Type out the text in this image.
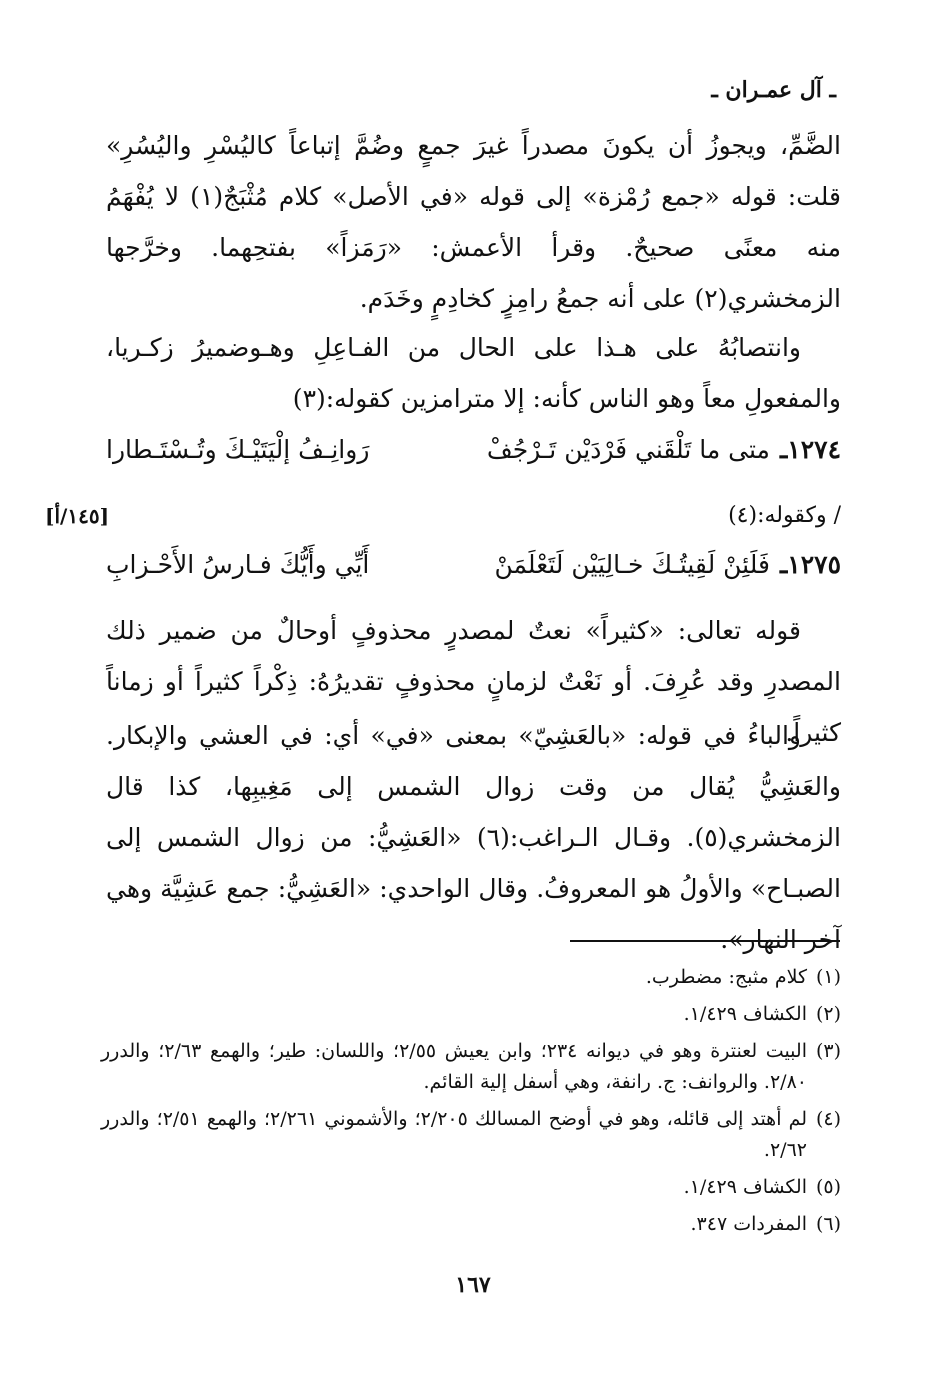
ـ آل عمـران ـ
الضَّمِّ، ويجوزُ أن يكونَ مصدراً غيرَ جمعٍ وضُمَّ إتباعاً كاليُسْرِ واليُسُرِ» قلت: قوله «جمع رُمْزة» إلى قوله «في الأصل» كلام مُثْبَجٌ(١) لا يُفْهَمُ منه معنًى صحيحٌ. وقرأ الأعمش: «رَمَزاً» بفتحِهما. وخرَّجها الزمخشري(٢) على أنه جمعُ رامِزٍ كخادِمٍ وخَدَم.
وانتصابُهُ على هـذا على الحال من الفـاعِلِ وهـوضميرُ زكـريا، والمفعولِ معاً وهو الناس كأنه: إلا مترامزين كقوله:(٣)
١٢٧٤ـ
متى ما تَلْقَني فَرْدَيْن تَـرْجُفْ
رَوانِـفُ إلْيَتَيْـكَ وتُـسْتَـطارا
/ وكقوله:(٤)
[١٤٥/أ]
١٢٧٥ـ
فَلَئِنْ لَقِيتُـكَ خـالِيَيْن لَتَعْلَمَنْ
أَيِّي وأَيُّكَ فـارسُ الأَحْـزابِ
قوله تعالى: «كثيراً» نعتٌ لمصدرٍ محذوفٍ أوحالٌ من ضمير ذلك المصدرِ وقد عُرِفَ. أو نَعْتٌ لزمانٍ محذوفٍ تقديرُهُ: ذِكْراً كثيراً أو زماناً كثيراً.
والباءُ في قوله: «بالعَشِيّ» بمعنى «في» أي: في العشي والإبكار. والعَشِيُّ يُقال من وقت زوال الشمس إلى مَغِيبِها، كذا قال الزمخشري(٥). وقـال الـراغب:(٦) «العَشِيُّ: من زوال الشمس إلى الصبـاح» والأولُ هو المعروفُ. وقال الواحدي: «العَشِيُّ: جمع عَشِيَّة وهي آخر النهار».
(١)
كلام مثبج: مضطرب.
(٢)
الكشاف ١/٤٢٩.
(٣)
البيت لعنترة وهو في ديوانه ٢٣٤؛ وابن يعيش ٢/٥٥؛ واللسان: طير؛ والهمع ٢/٦٣؛ والدرر ٢/٨٠. والروانف: ج. رانفة، وهي أسفل إلية القائم.
(٤)
لم أهتد إلى قائله، وهو في أوضح المسالك ٢/٢٠٥؛ والأشموني ٢/٢٦١؛ والهمع ٢/٥١؛ والدرر ٢/٦٢.
(٥)
الكشاف ١/٤٢٩.
(٦)
المفردات ٣٤٧.
١٦٧
